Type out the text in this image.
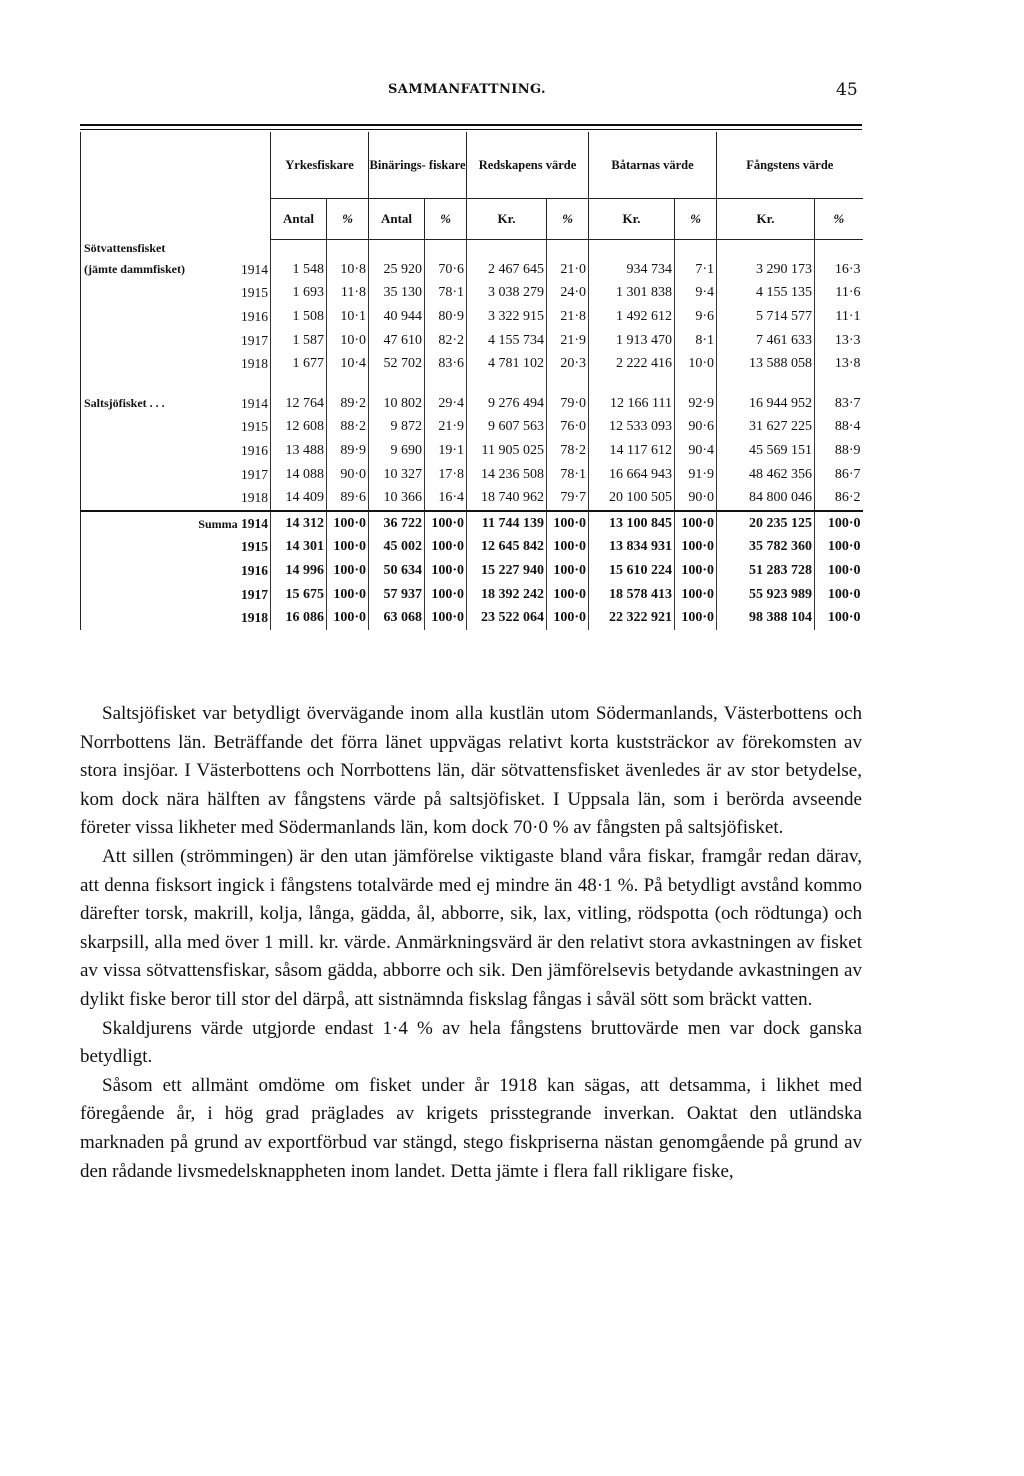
SAMMANFATTNING.	45
	Yrkesfiskare		Binärings- fiskare		Redskapens värde		Båtarnas värde		Fångstens värde	
	Antal	%	Antal	%	Kr.	%	Kr.	%	Kr.	%
Sötvattensfisket										

(jämte dammfisket) 1914	1 548	10·8	25 920	70·6	2 467 645	21·0	934 734	7·1	3 290 173	16·3
1915	1 693	11·8	35 130	78·1	3 038 279	24·0	1 301 838	9·4	4 155 135	11·6
1916	1 508	10·1	40 944	80·9	3 322 915	21·8	1 492 612	9·6	5 714 577	11·1
1917	1 587	10·0	47 610	82·2	4 155 734	21·9	1 913 470	8·1	7 461 633	13·3
1918	1 677	10·4	52 702	83·6	4 781 102	20·3	2 222 416	10·0	13 588 058	13·8

Saltsjöfisket . . . 1914	12 764	89·2	10 802	29·4	9 276 494	79·0	12 166 111	92·9	16 944 952	83·7
1915	12 608	88·2	9 872	21·9	9 607 563	76·0	12 533 093	90·6	31 627 225	88·4
1916	13 488	89·9	9 690	19·1	11 905 025	78·2	14 117 612	90·4	45 569 151	88·9
1917	14 088	90·0	10 327	17·8	14 236 508	78·1	16 664 943	91·9	48 462 356	86·7
1918	14 409	89·6	10 366	16·4	18 740 962	79·7	20 100 505	90·0	84 800 046	86·2
Summa 1914	14 312	100·0	36 722	100·0	11 744 139	100·0	13 100 845	100·0	20 235 125	100·0
1915	14 301	100·0	45 002	100·0	12 645 842	100·0	13 834 931	100·0	35 782 360	100·0
1916	14 996	100·0	50 634	100·0	15 227 940	100·0	15 610 224	100·0	51 283 728	100·0
1917	15 675	100·0	57 937	100·0	18 392 242	100·0	18 578 413	100·0	55 923 989	100·0
1918	16 086	100·0	63 068	100·0	23 522 064	100·0	22 322 921	100·0	98 388 104	100·0

Saltsjöfisket var betydligt övervägande inom alla kustlän utom Södermanlands, Västerbottens och Norrbottens län. Beträffande det förra länet uppvägas relativt korta kuststräckor av förekomsten av stora insjöar. I Västerbottens och Norrbottens län, där sötvattensfisket ävenledes är av stor betydelse, kom dock nära hälften av fångstens värde på saltsjöfisket. I Uppsala län, som i berörda avseende företer vissa likheter med Södermanlands län, kom dock 70·0 % av fångsten på saltsjöfisket.

Att sillen (strömmingen) är den utan jämförelse viktigaste bland våra fiskar, framgår redan därav, att denna fisksort ingick i fångstens totalvärde med ej mindre än 48·1 %. På betydligt avstånd kommo därefter torsk, makrill, kolja, långa, gädda, ål, abborre, sik, lax, vitling, rödspotta (och rödtunga) och skarpsill, alla med över 1 mill. kr. värde. Anmärkningsvärd är den relativt stora avkastningen av fisket av vissa sötvattensfiskar, såsom gädda, abborre och sik. Den jämförelsevis betydande avkastningen av dylikt fiske beror till stor del därpå, att sistnämnda fiskslag fångas i såväl sött som bräckt vatten.

Skaldjurens värde utgjorde endast 1·4 % av hela fångstens bruttovärde men var dock ganska betydligt.

Såsom ett allmänt omdöme om fisket under år 1918 kan sägas, att detsamma, i likhet med föregående år, i hög grad präglades av krigets prisstegrande inverkan. Oaktat den utländska marknaden på grund av exportförbud var stängd, stego fiskpriserna nästan genomgående på grund av den rådande livsmedelsknappheten inom landet. Detta jämte i flera fall rikligare fiske,
